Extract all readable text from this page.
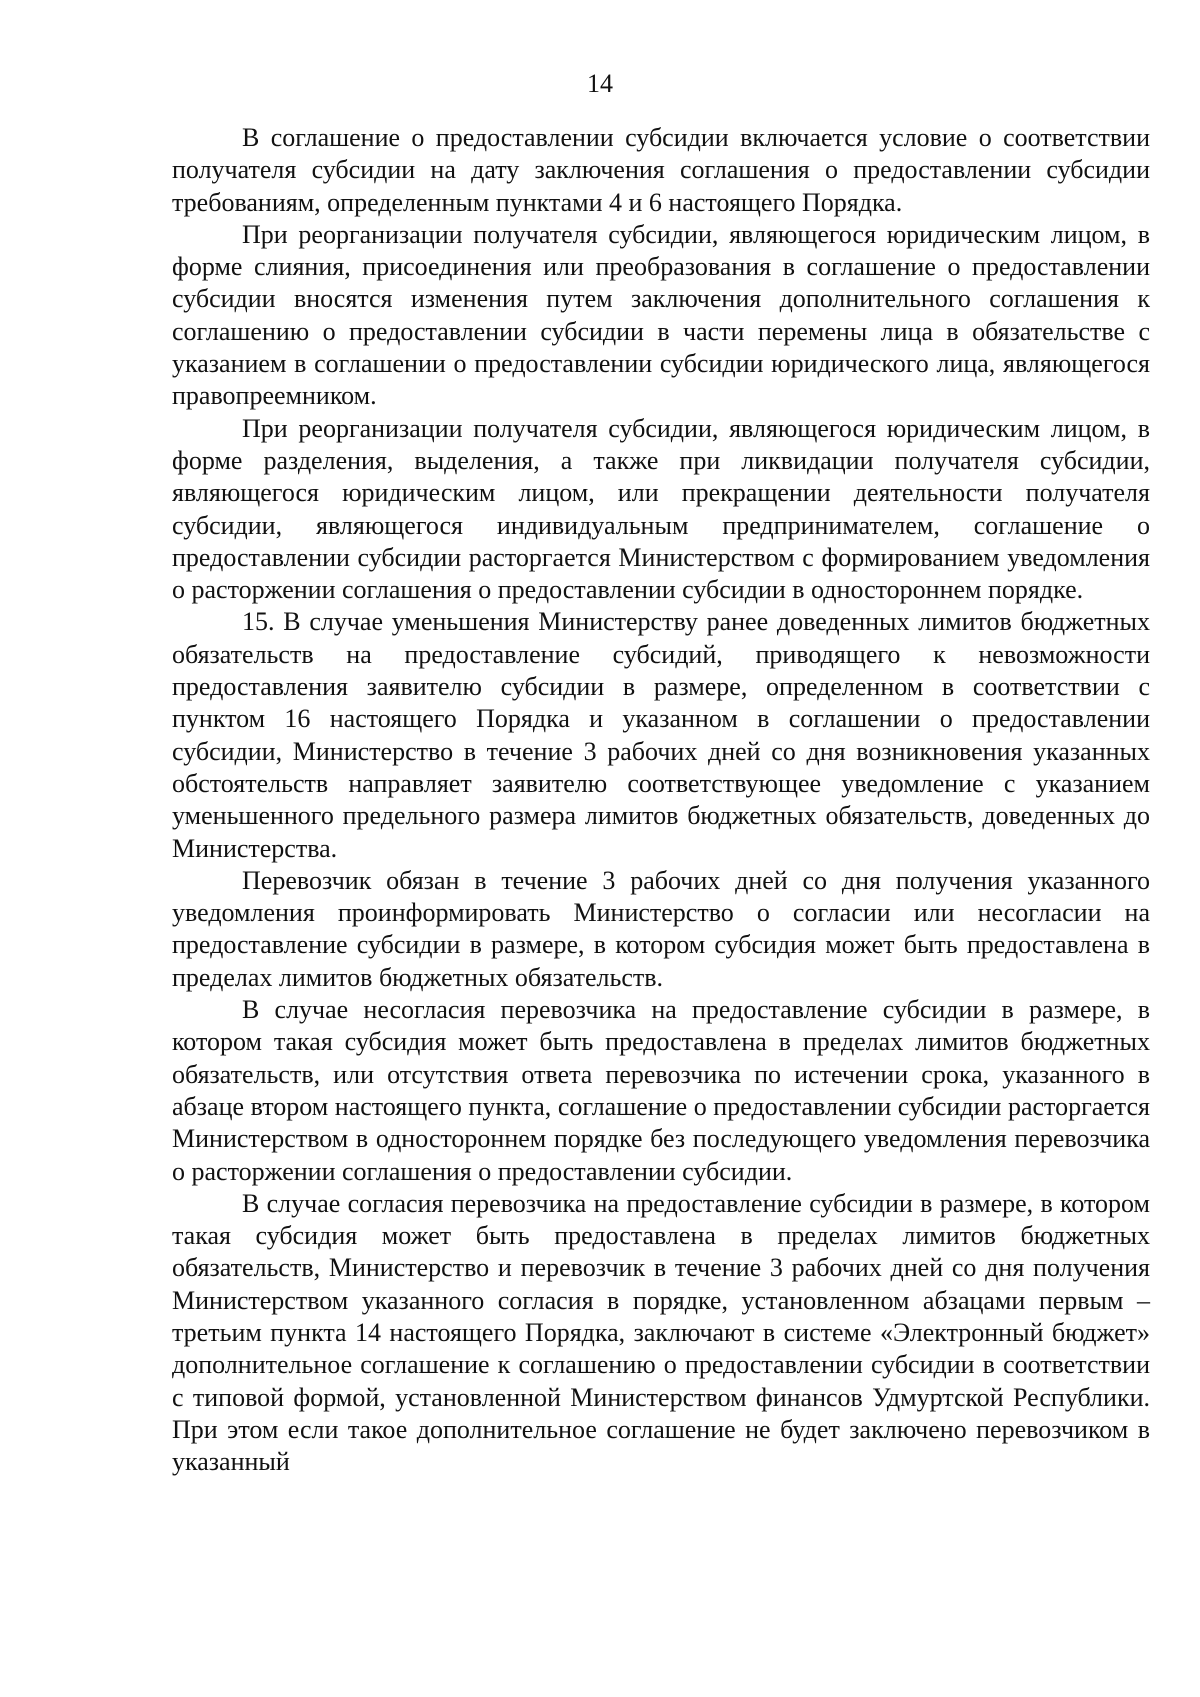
14

В соглашение о предоставлении субсидии включается условие о соответствии получателя субсидии на дату заключения соглашения о предоставлении субсидии требованиям, определенным пунктами 4 и 6 настоящего Порядка.

При реорганизации получателя субсидии, являющегося юридическим лицом, в форме слияния, присоединения или преобразования в соглашение о предоставлении субсидии вносятся изменения путем заключения дополнительного соглашения к соглашению о предоставлении субсидии в части перемены лица в обязательстве с указанием в соглашении о предоставлении субсидии юридического лица, являющегося правопреемником.

При реорганизации получателя субсидии, являющегося юридическим лицом, в форме разделения, выделения, а также при ликвидации получателя субсидии, являющегося юридическим лицом, или прекращении деятельности получателя субсидии, являющегося индивидуальным предпринимателем, соглашение о предоставлении субсидии расторгается Министерством с формированием уведомления о расторжении соглашения о предоставлении субсидии в одностороннем порядке.

15. В случае уменьшения Министерству ранее доведенных лимитов бюджетных обязательств на предоставление субсидий, приводящего к невозможности предоставления заявителю субсидии в размере, определенном в соответствии с пунктом 16 настоящего Порядка и указанном в соглашении о предоставлении субсидии, Министерство в течение 3 рабочих дней со дня возникновения указанных обстоятельств направляет заявителю соответствующее уведомление с указанием уменьшенного предельного размера лимитов бюджетных обязательств, доведенных до Министерства.

Перевозчик обязан в течение 3 рабочих дней со дня получения указанного уведомления проинформировать Министерство о согласии или несогласии на предоставление субсидии в размере, в котором субсидия может быть предоставлена в пределах лимитов бюджетных обязательств.

В случае несогласия перевозчика на предоставление субсидии в размере, в котором такая субсидия может быть предоставлена в пределах лимитов бюджетных обязательств, или отсутствия ответа перевозчика по истечении срока, указанного в абзаце втором настоящего пункта, соглашение о предоставлении субсидии расторгается Министерством в одностороннем порядке без последующего уведомления перевозчика о расторжении соглашения о предоставлении субсидии.

В случае согласия перевозчика на предоставление субсидии в размере, в котором такая субсидия может быть предоставлена в пределах лимитов бюджетных обязательств, Министерство и перевозчик в течение 3 рабочих дней со дня получения Министерством указанного согласия в порядке, установленном абзацами первым – третьим пункта 14 настоящего Порядка, заключают в системе «Электронный бюджет» дополнительное соглашение к соглашению о предоставлении субсидии в соответствии с типовой формой, установленной Министерством финансов Удмуртской Республики. При этом если такое дополнительное соглашение не будет заключено перевозчиком в указанный
